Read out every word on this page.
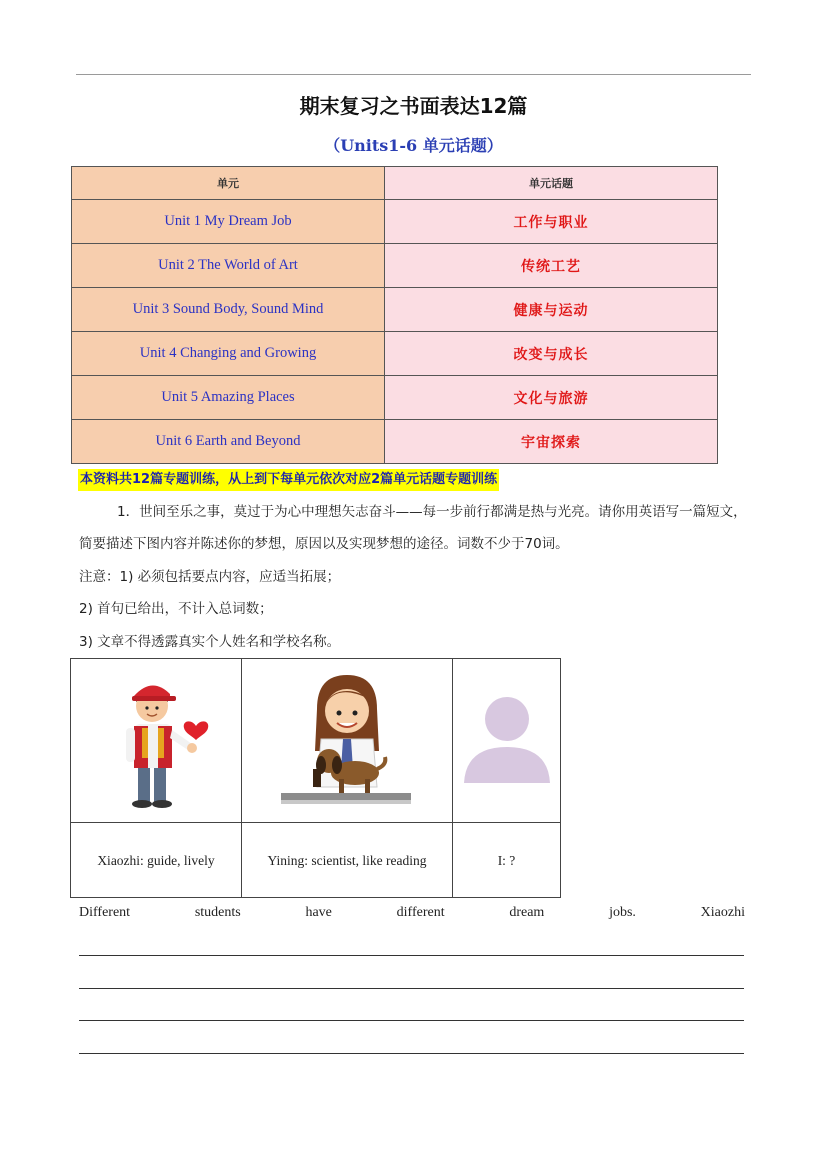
期末复习之书面表达12篇
（Units1-6 单元话题）
单元	单元话题
Unit 1 My Dream Job	工作与职业
Unit 2 The World of Art	传统工艺
Unit 3 Sound Body, Sound Mind	健康与运动
Unit 4 Changing and Growing	改变与成长
Unit 5 Amazing Places	文化与旅游
Unit 6 Earth and Beyond	宇宙探索
本资料共12篇专题训练，从上到下每单元依次对应2篇单元话题专题训练
1．世间至乐之事，莫过于为心中理想矢志奋斗——每一步前行都满是热与光亮。请你用英语写一篇短文，简要描述下图内容并陈述你的梦想，原因以及实现梦想的途径。词数不少于70词。
注意：1) 必须包括要点内容，应适当拓展；
2) 首句已给出，不计入总词数；
3) 文章不得透露真实个人姓名和学校名称。

Xiaozhi: guide, lively	Yining: scientist, like reading	I: ?
Different	students	have	different	dream	jobs.	Xiaozhi
